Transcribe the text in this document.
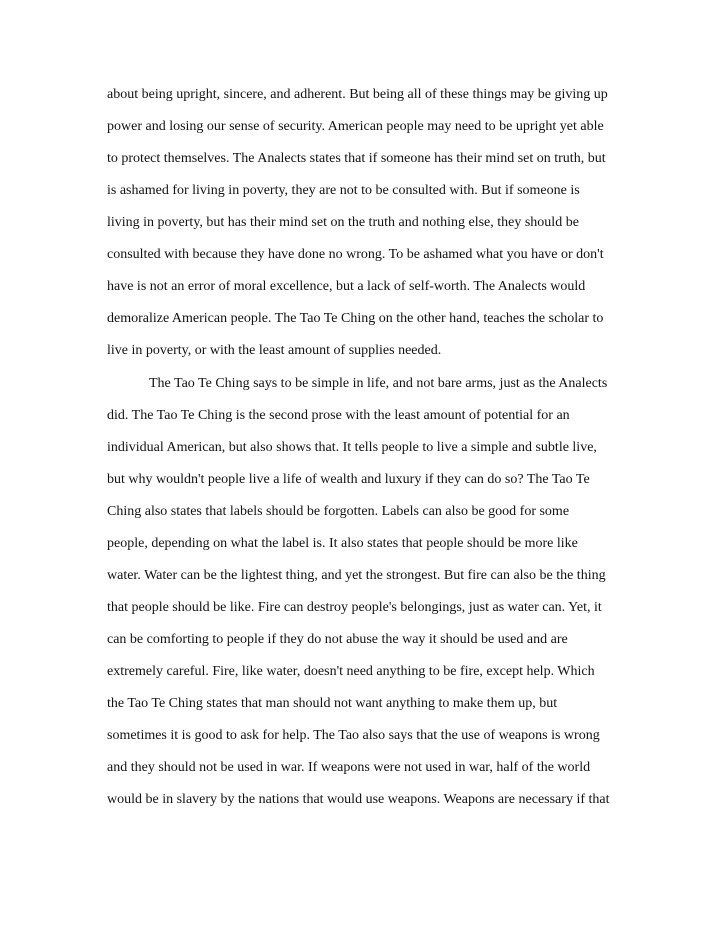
about being upright, sincere, and adherent. But being all of these things may be giving up

power and losing our sense of security. American people may need to be upright yet able

to protect themselves. The Analects states that if someone has their mind set on truth, but

is ashamed for living in poverty, they are not to be consulted with. But if someone is

living in poverty, but has their mind set on the truth and nothing else, they should be

consulted with because they have done no wrong. To be ashamed what you have or don't

have is not an error of moral excellence, but a lack of self-worth. The Analects would

demoralize American people. The Tao Te Ching on the other hand, teaches the scholar to

live in poverty, or with the least amount of supplies needed.

The Tao Te Ching says to be simple in life, and not bare arms, just as the Analects

did. The Tao Te Ching is the second prose with the least amount of potential for an

individual American, but also shows that. It tells people to live a simple and subtle live,

but why wouldn't people live a life of wealth and luxury if they can do so? The Tao Te

Ching also states that labels should be forgotten. Labels can also be good for some

people, depending on what the label is. It also states that people should be more like

water. Water can be the lightest thing, and yet the strongest. But fire can also be the thing

that people should be like. Fire can destroy people's belongings, just as water can. Yet, it

can be comforting to people if they do not abuse the way it should be used and are

extremely careful. Fire, like water, doesn't need anything to be fire, except help. Which

the Tao Te Ching states that man should not want anything to make them up, but

sometimes it is good to ask for help. The Tao also says that the use of weapons is wrong

and they should not be used in war. If weapons were not used in war, half of the world

would be in slavery by the nations that would use weapons. Weapons are necessary if that
